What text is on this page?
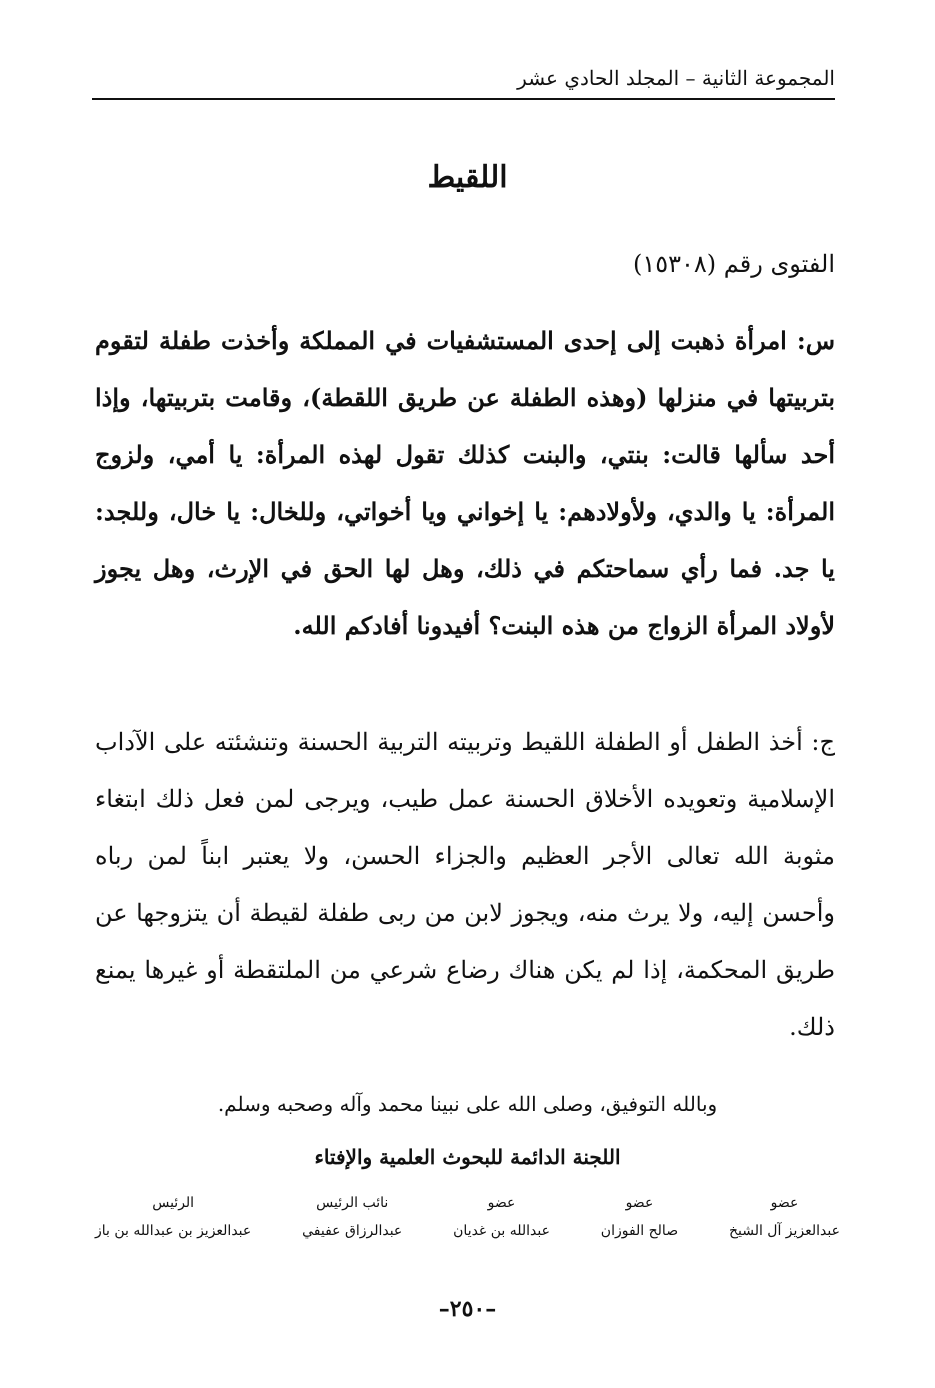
المجموعة الثانية – المجلد الحادي عشر
اللقيط
الفتوى رقم (١٥٣٠٨)
س: امرأة ذهبت إلى إحدى المستشفيات في المملكة وأخذت طفلة لتقوم بتربيتها في منزلها (وهذه الطفلة عن طريق اللقطة)، وقامت بتربيتها، وإذا أحد سألها قالت: بنتي، والبنت كذلك تقول لهذه المرأة: يا أمي، ولزوج المرأة: يا والدي، ولأولادهم: يا إخواني ويا أخواتي، وللخال: يا خال، وللجد: يا جد. فما رأي سماحتكم في ذلك، وهل لها الحق في الإرث، وهل يجوز لأولاد المرأة الزواج من هذه البنت؟ أفيدونا أفادكم الله.
ج: أخذ الطفل أو الطفلة اللقيط وتربيته التربية الحسنة وتنشئته على الآداب الإسلامية وتعويده الأخلاق الحسنة عمل طيب، ويرجى لمن فعل ذلك ابتغاء مثوبة الله تعالى الأجر العظيم والجزاء الحسن، ولا يعتبر ابناً لمن رباه وأحسن إليه، ولا يرث منه، ويجوز لابن من ربى طفلة لقيطة أن يتزوجها عن طريق المحكمة، إذا لم يكن هناك رضاع شرعي من الملتقطة أو غيرها يمنع ذلك.
وبالله التوفيق، وصلى الله على نبينا محمد وآله وصحبه وسلم.
اللجنة الدائمة للبحوث العلمية والإفتاء
عضو
عبدالعزيز آل الشيخ
عضو
صالح الفوزان
عضو
عبدالله بن غديان
نائب الرئيس
عبدالرزاق عفيفي
الرئيس
عبدالعزيز بن عبدالله بن باز
–٢٥٠–
